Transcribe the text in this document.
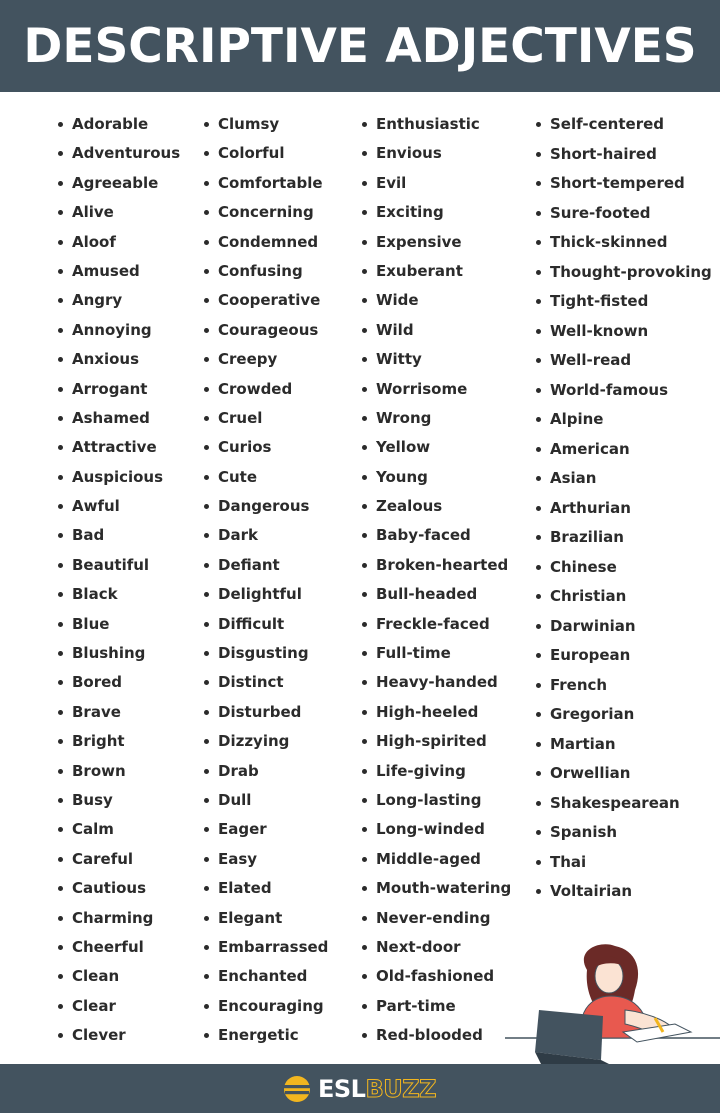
DESCRIPTIVE ADJECTIVES
Adorable
Adventurous
Agreeable
Alive
Aloof
Amused
Angry
Annoying
Anxious
Arrogant
Ashamed
Attractive
Auspicious
Awful
Bad
Beautiful
Black
Blue
Blushing
Bored
Brave
Bright
Brown
Busy
Calm
Careful
Cautious
Charming
Cheerful
Clean
Clear
Clever
Clumsy
Colorful
Comfortable
Concerning
Condemned
Confusing
Cooperative
Courageous
Creepy
Crowded
Cruel
Curios
Cute
Dangerous
Dark
Defiant
Delightful
Difficult
Disgusting
Distinct
Disturbed
Dizzying
Drab
Dull
Eager
Easy
Elated
Elegant
Embarrassed
Enchanted
Encouraging
Energetic
Enthusiastic
Envious
Evil
Exciting
Expensive
Exuberant
Wide
Wild
Witty
Worrisome
Wrong
Yellow
Young
Zealous
Baby-faced
Broken-hearted
Bull-headed
Freckle-faced
Full-time
Heavy-handed
High-heeled
High-spirited
Life-giving
Long-lasting
Long-winded
Middle-aged
Mouth-watering
Never-ending
Next-door
Old-fashioned
Part-time
Red-blooded
Self-centered
Short-haired
Short-tempered
Sure-footed
Thick-skinned
Thought-provoking
Tight-fisted
Well-known
Well-read
World-famous
Alpine
American
Asian
Arthurian
Brazilian
Chinese
Christian
Darwinian
European
French
Gregorian
Martian
Orwellian
Shakespearean
Spanish
Thai
Voltairian
ESLBUZZ
